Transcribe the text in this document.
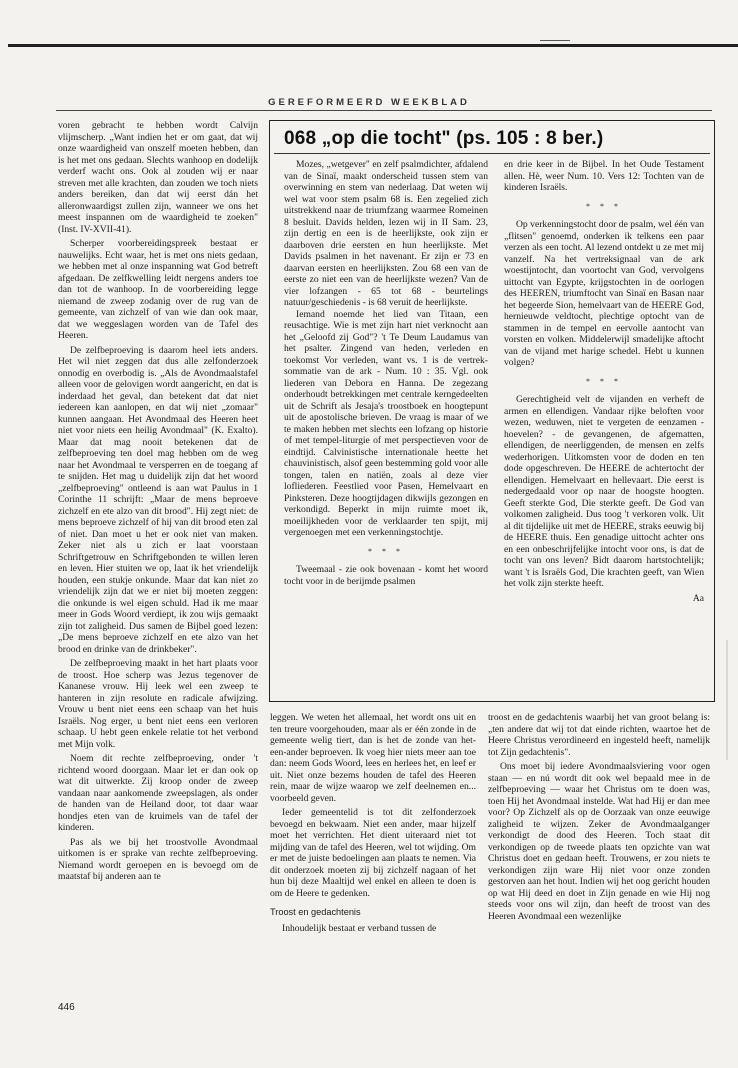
GEREFORMEERD WEEKBLAD

voren gebracht te hebben wordt Calvijn vlijmscherp. „Want indien het er om gaat, dat wij onze waardigheid van onszelf moeten hebben, dan is het met ons gedaan. Slechts wanhoop en dodelijk verderf wacht ons. Ook al zouden wij er naar streven met alle krachten, dan zouden we toch niets anders bereiken, dan dat wij eerst dán het alleronwaardigst zullen zijn, wanneer we ons het meest inspannen om de waardigheid te zoeken" (Inst. IV-XVII-41).

Scherper voorbereidingspreek bestaat er nauwelijks. Echt waar, het is met ons niets gedaan, we hebben met al onze inspanning wat God betreft afgedaan. De zelfkwelling leidt nergens anders toe dan tot de wanhoop. In de voorbereiding legge niemand de zweep zodanig over de rug van de gemeente, van zichzelf of van wie dan ook maar, dat we weggeslagen worden van de Tafel des Heeren.

De zelfbeproeving is daarom heel iets anders. Het wil niet zeggen dat dus alle zelfonderzoek onnodig en overbodig is. „Als de Avondmaalstafel alleen voor de gelovigen wordt aangericht, en dat is inderdaad het geval, dan betekent dat dat niet iedereen kan aanlopen, en dat wij niet „zomaar" kunnen aangaan. Het Avondmaal des Heeren heet niet voor niets een heilig Avondmaal" (K. Exalto). Maar dat mag nooit betekenen dat de zelfbeproeving ten doel mag hebben om de weg naar het Avondmaal te versperren en de toegang af te snijden. Het mag u duidelijk zijn dat het woord „zelfbeproeving" ontleend is aan wat Paulus in 1 Corinthe 11 schrijft: „Maar de mens beproeve zichzelf en ete alzo van dit brood". Hij zegt niet: de mens beproeve zichzelf of hij van dit brood eten zal of niet. Dan moet u het er ook niet van maken. Zeker niet als u zich er laat voorstaan Schriftgetrouw en Schriftgebonden te willen leren en leven. Hier stuiten we op, laat ik het vriendelijk houden, een stukje onkunde. Maar dat kan niet zo vriendelijk zijn dat we er niet bij moeten zeggen: die onkunde is wel eigen schuld. Had ik me maar meer in Gods Woord verdiept, ik zou wijs gemaakt zijn tot zaligheid. Dus samen de Bijbel goed lezen: „De mens beproeve zichzelf en ete alzo van het brood en drinke van de drinkbeker".

De zelfbeproeving maakt in het hart plaats voor de troost. Hoe scherp was Jezus tegenover de Kananese vrouw. Hij leek wel een zweep te hanteren in zijn resolute en radicale afwijzing. Vrouw u bent niet eens een schaap van het huis Israëls. Nog erger, u bent niet eens een verloren schaap. U hebt geen enkele relatie tot het verbond met Mijn volk.

Noem dit rechte zelfbeproeving, onder 't richtend woord doorgaan. Maar let er dan ook op wat dit uitwerkte. Zij kroop onder de zweep vandaan naar aankomende zweepslagen, als onder de handen van de Heiland door, tot daar waar hondjes eten van de kruimels van de tafel der kinderen.

Pas als we bij het troostvolle Avondmaal uitkomen is er sprake van rechte zelfbeproeving. Niemand wordt geroepen en is bevoegd om de maatstaf bij anderen aan te

068 „op die tocht" (ps. 105 : 8 ber.)

Mozes, „wetgever" en zelf psalmdichter, afdalend van de Sinaï, maakt onderscheid tussen stem van overwinning en stem van nederlaag. Dat weten wij wel wat voor stem psalm 68 is. Een zegelied zich uitstrekkend naar de triumfzang waarmee Romeinen 8 besluit. Davids helden, lezen wij in II Sam. 23, zijn dertig en een is de heerlijkste, ook zijn er daarboven drie eersten en hun heerlijkste. Met Davids psalmen in het navenant. Er zijn er 73 en daarvan eersten en heerlijksten. Zou 68 een van de eerste zo niet een van de heerlijkste wezen? Van de vier lofzangen - 65 tot 68 - beurtelings natuur/geschiedenis - is 68 veruit de heerlijkste.

Iemand noemde het lied van Titaan, een reusachtige. Wie is met zijn hart niet verknocht aan het „Geloofd zij God"? 't Te Deum Laudamus van het psalter. Zingend van heden, verleden en toekomst Vor verleden, want vs. 1 is de vertrek-sommatie van de ark - Num. 10 : 35. Vgl. ook liederen van Debora en Hanna. De zegezang onderhoudt betrekkingen met centrale kerngedeelten uit de Schrift als Jesaja's troostboek en hoogtepunt uit de apostolische brieven. De vraag is maar of we te maken hebben met slechts een lofzang op historie of met tempel-liturgie of met perspectieven voor de eindtijd. Calvinistische internationale heette het chauvinistisch, alsof geen bestemming gold voor alle tongen, talen en natiën, zoals al deze vier lofliederen. Feestlied voor Pasen, Hemelvaart en Pinksteren. Deze hoogtijdagen dikwijls gezongen en verkondigd. Beperkt in mijn ruimte moet ik, moeilijkheden voor de verklaarder ten spijt, mij vergenoegen met een verkenningstochtje.

* * *

Tweemaal - zie ook bovenaan - komt het woord tocht voor in de berijmde psalmen

en drie keer in de Bijbel. In het Oude Testament allen. Hè, weer Num. 10. Vers 12: Tochten van de kinderen Israëls.

* * *

Op verkenningstocht door de psalm, wel één van „flitsen" genoemd, onderken ik telkens een paar verzen als een tocht. Al lezend ontdekt u ze met mij vanzelf. Na het vertreksignaal van de ark woestijntocht, dan voortocht van God, vervolgens uittocht van Egypte, krijgstochten in de oorlogen des HEEREN, triumftocht van Sinaï en Basan naar het begeerde Sion, hemelvaart van de HEERE God, hernieuwde veldtocht, plechtige optocht van de stammen in de tempel en eervolle aantocht van vorsten en volken. Middelerwijl smadelijke aftocht van de vijand met harige schedel. Hebt u kunnen volgen?

* * *

Gerechtigheid velt de vijanden en verheft de armen en ellendigen. Vandaar rijke beloften voor wezen, weduwen, niet te vergeten de eenzamen - hoevelen? - de gevangenen, de afgematten, ellendigen, de neerliggenden, de mensen en zelfs wederhorigen. Uitkomsten voor de doden en ten dode opgeschreven. De HEERE de achtertocht der ellendigen. Hemelvaart en hellevaart. Die eerst is nedergedaald voor op naar de hoogste hoogten. Geeft sterkte God, Die sterkte geeft. De God van volkomen zaligheid. Dus toog 't verkoren volk. Uit al dit tijdelijke uit met de HEERE, straks eeuwig bij de HEERE thuis. Een genadige uittocht achter ons en een onbeschrijfelijke intocht voor ons, is dat de tocht van ons leven? Bidt daarom hartstochtelijk; want 't is Israëls God, Die krachten geeft, van Wien het volk zijn sterkte heeft.

Aa

leggen. We weten het allemaal, het wordt ons uit en ten treure voorgehouden, maar als er één zonde in de gemeente welig tiert, dan is het de zonde van het-een-ander beproeven. Ik voeg hier niets meer aan toe dan: neem Gods Woord, lees en herlees het, en leef er uit. Niet onze bezems houden de tafel des Heeren rein, maar de wijze waarop we zelf deelnemen en... voorbeeld geven.

Ieder gemeentelid is tot dit zelfonderzoek bevoegd en bekwaam. Niet een ander, maar hijzelf moet het verrichten. Het dient uiteraard niet tot mijding van de tafel des Heeren, wel tot wijding. Om er met de juiste bedoelingen aan plaats te nemen. Via dit onderzoek moeten zij bij zichzelf nagaan of het hun bij deze Maaltijd wel enkel en alleen te doen is om de Heere te gedenken.

Troost en gedachtenis

Inhoudelijk bestaat er verband tussen de

troost en de gedachtenis waarbij het van groot belang is: „ten andere dat wij tot dat einde richten, waartoe het de Heere Christus verordineerd en ingesteld heeft, namelijk tot Zijn gedachtenis".

Ons moet bij iedere Avondmaalsviering voor ogen staan — en nú wordt dit ook wel bepaald mee in de zelfbeproeving — waar het Christus om te doen was, toen Hij het Avondmaal instelde. Wat had Hij er dan mee voor? Op Zichzelf als op de Oorzaak van onze eeuwige zaligheid te wijzen. Zeker de Avondmaalganger verkondigt de dood des Heeren. Toch staat dit verkondigen op de tweede plaats ten opzichte van wat Christus doet en gedaan heeft. Trouwens, er zou niets te verkondigen zijn ware Hij niet voor onze zonden gestorven aan het hout. Indien wij het oog gericht houden op wat Hij deed en doet in Zijn genade en wie Hij nog steeds voor ons wil zijn, dan heeft de troost van des Heeren Avondmaal een wezenlijke

446
